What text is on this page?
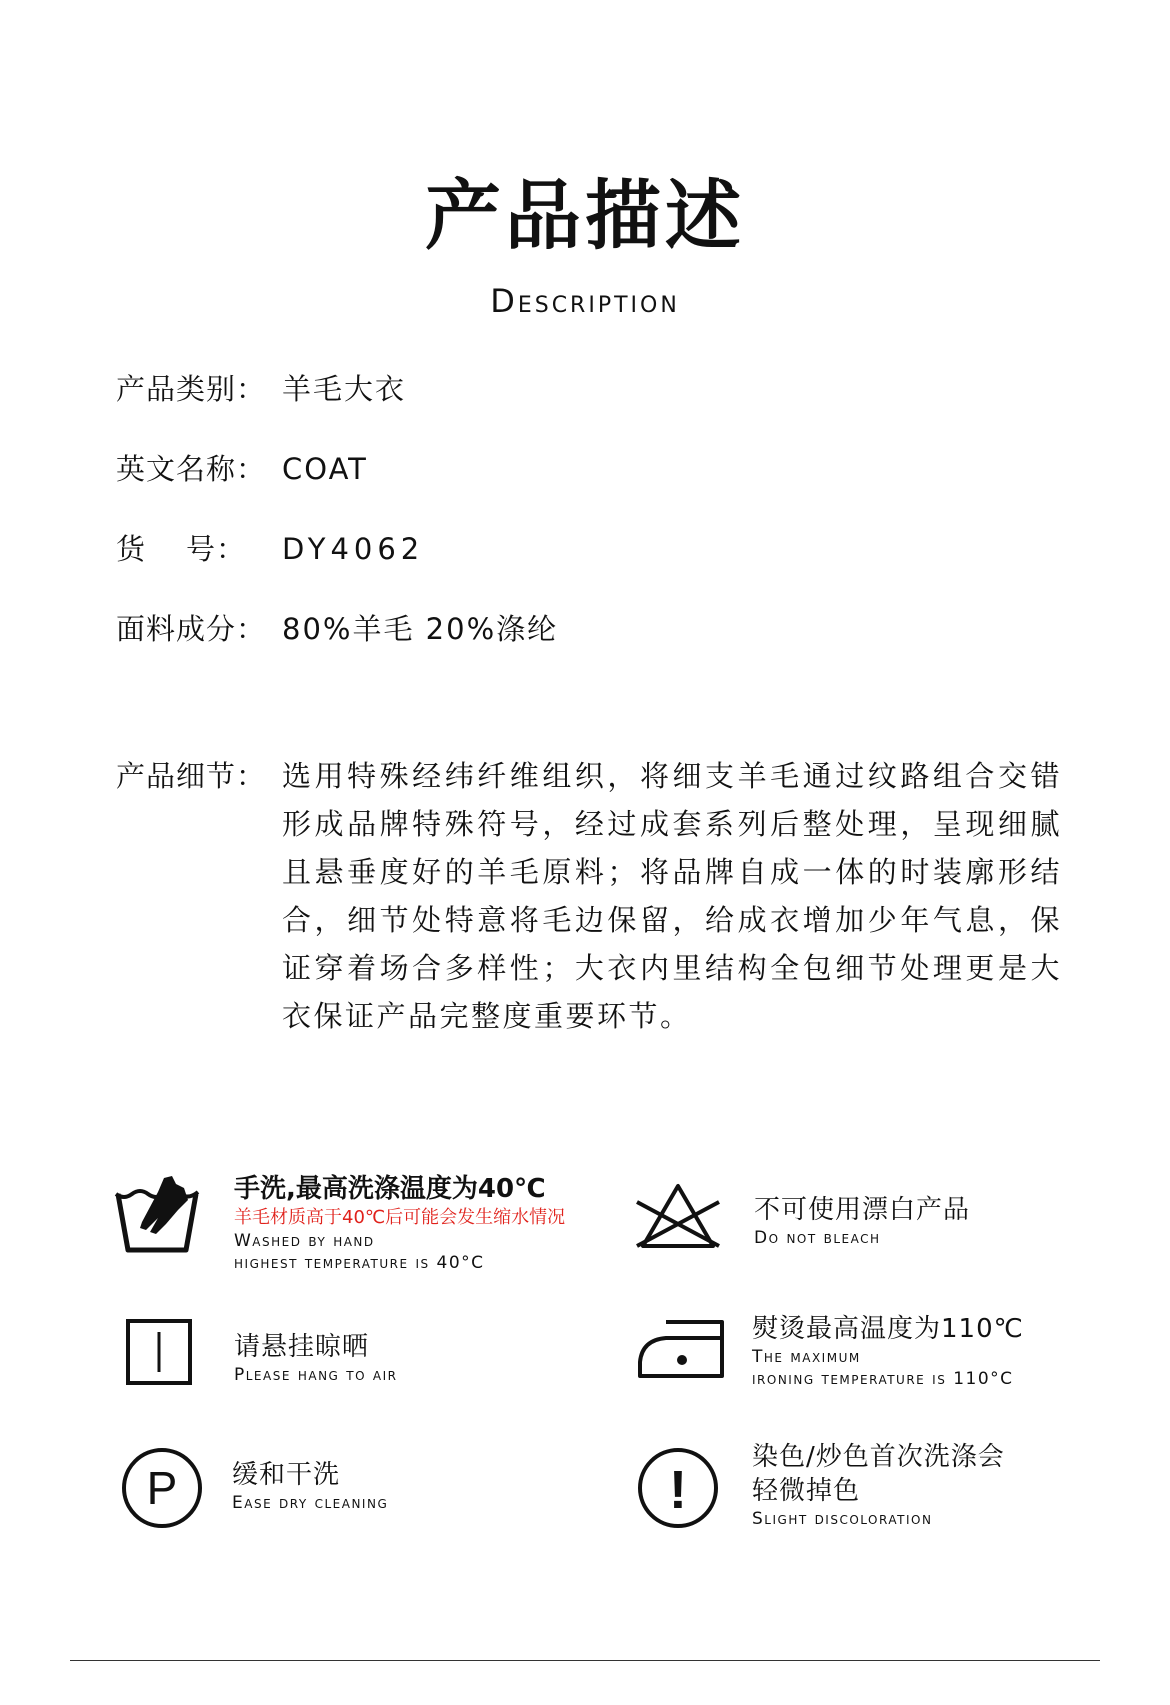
产品描述
Description
产品类别： 羊毛大衣
英文名称： COAT
货 号： DY4062
面料成分： 80%羊毛 20%涤纶
产品细节： 选用特殊经纬纤维组织，将细支羊毛通过纹路组合交错形成品牌特殊符号，经过成套系列后整处理，呈现细腻且悬垂度好的羊毛原料；将品牌自成一体的时装廓形结合，细节处特意将毛边保留，给成衣增加少年气息，保证穿着场合多样性；大衣内里结构全包细节处理更是大衣保证产品完整度重要环节。
手洗,最高洗涤温度为40℃
羊毛材质高于40℃后可能会发生缩水情况
Washed by hand
highest temperature is 40°C
不可使用漂白产品
Do not bleach
请悬挂晾晒
Please hang to air
熨烫最高温度为110℃
The maximum
ironing temperature is 110°C
P 缓和干洗
Ease dry cleaning	!
染色/炒色首次洗涤会
轻微掉色
Slight discoloration
